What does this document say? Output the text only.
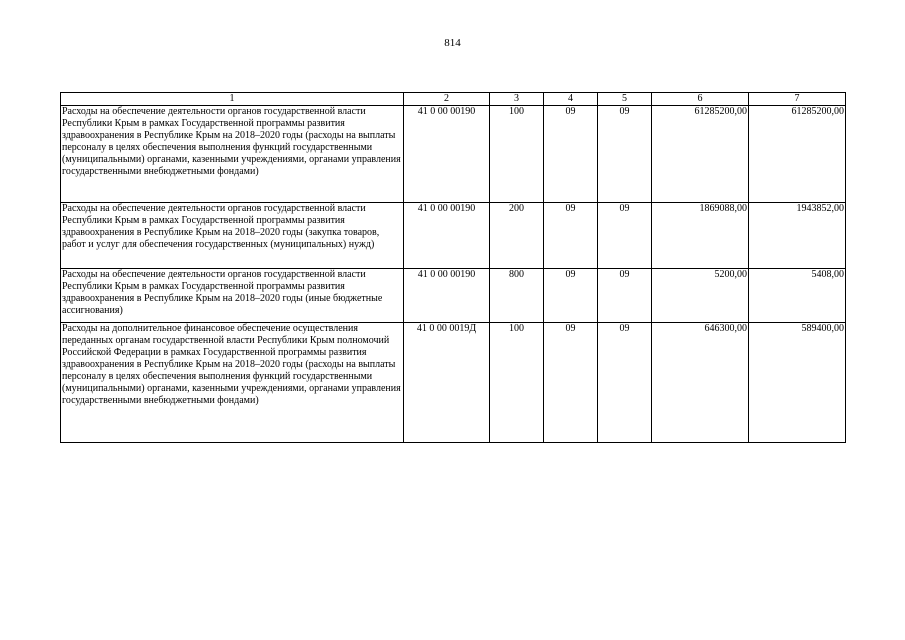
814
1	2	3	4	5	6	7
Расходы на обеспечение деятельности органов государственной власти Республики Крым в рамках Государственной программы развития здравоохранения в Республике Крым на 2018–2020 годы (расходы на выплаты персоналу в целях обеспечения выполнения функций государственными (муниципальными) органами, казенными учреждениями, органами управления государственными внебюджетными фондами)	41 0 00 00190	100	09	09	61285200,00	61285200,00
Расходы на обеспечение деятельности органов государственной власти Республики Крым в рамках Государственной программы развития здравоохранения в Республике Крым на 2018–2020 годы (закупка товаров, работ и услуг для обеспечения государственных (муниципальных) нужд)	41 0 00 00190	200	09	09	1869088,00	1943852,00
Расходы на обеспечение деятельности органов государственной власти Республики Крым в рамках Государственной программы развития здравоохранения в Республике Крым на 2018–2020 годы (иные бюджетные ассигнования)	41 0 00 00190	800	09	09	5200,00	5408,00
Расходы на дополнительное финансовое обеспечение осуществления переданных органам государственной власти Республики Крым полномочий Российской Федерации в рамках Государственной программы развития здравоохранения в Республике Крым на 2018–2020 годы (расходы на выплаты персоналу в целях обеспечения выполнения функций государственными (муниципальными) органами, казенными учреждениями, органами управления государственными внебюджетными фондами)	41 0 00 0019Д	100	09	09	646300,00	589400,00
